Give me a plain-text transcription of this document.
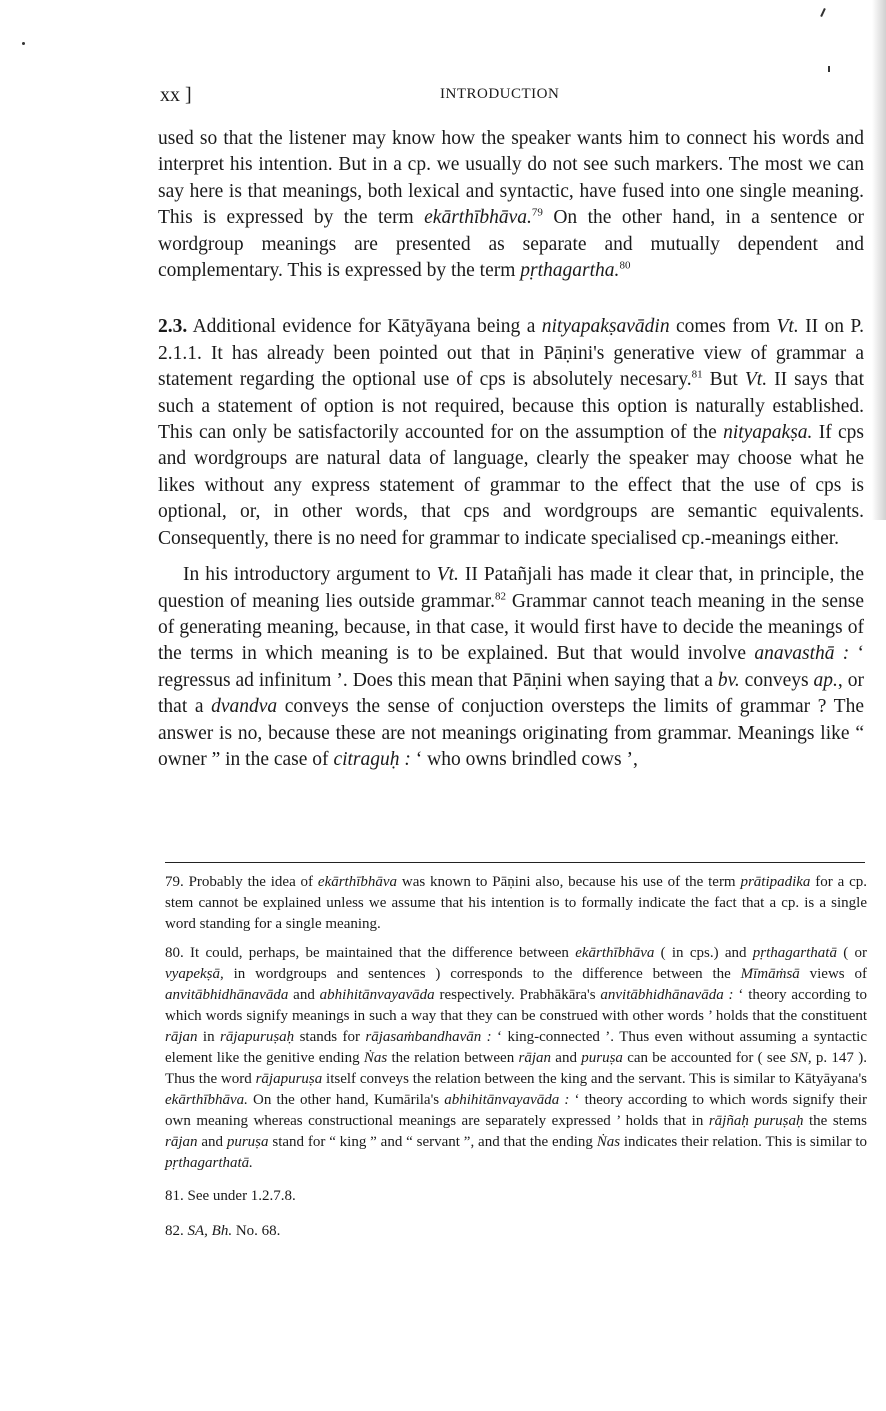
xx ]	INTRODUCTION

used so that the listener may know how the speaker wants him to connect his words and interpret his intention. But in a cp. we usually do not see such markers. The most we can say here is that meanings, both lexical and syntactic, have fused into one single meaning. This is expressed by the term ekārthībhāva.$^{79}$ On the other hand, in a sentence or wordgroup meanings are presented as separate and mutually dependent and complementary. This is expressed by the term pṛthagartha.$^{80}$

2.3. Additional evidence for Kātyāyana being a nityapakṣavādin comes from Vt. II on P. 2.1.1. It has already been pointed out that in Pāṇini's generative view of grammar a statement regarding the optional use of cps is absolutely necesary.$^{81}$ But Vt. II says that such a statement of option is not required, because this option is naturally established. This can only be satisfactorily accounted for on the assumption of the nityapakṣa. If cps and wordgroups are natural data of language, clearly the speaker may choose what he likes without any express statement of grammar to the effect that the use of cps is optional, or, in other words, that cps and wordgroups are semantic equivalents. Consequently, there is no need for grammar to indicate specialised cp.-meanings either.

In his introductory argument to Vt. II Patañjali has made it clear that, in principle, the question of meaning lies outside grammar.$^{82}$ Grammar cannot teach meaning in the sense of generating meaning, because, in that case, it would first have to decide the meanings of the terms in which meaning is to be explained. But that would involve anavasthā : ‘ regressus ad infinitum ’. Does this mean that Pāṇini when saying that a bv. conveys ap., or that a dvandva conveys the sense of conjuction oversteps the limits of grammar ? The answer is no, because these are not meanings originating from grammar. Meanings like “ owner ” in the case of citraguḥ : ‘ who owns brindled cows ’,

79. Probably the idea of ekārthībhāva was known to Pāṇini also, because his use of the term prātipadika for a cp. stem cannot be explained unless we assume that his intention is to formally indicate the fact that a cp. is a single word standing for a single meaning.

80. It could, perhaps, be maintained that the difference between ekārthībhāva ( in cps.) and pṛthagarthatā ( or vyapekṣā, in wordgroups and sentences ) corresponds to the difference between the Mīmāṁsā views of anvitābhidhānavāda and abhihitānvayavāda respectively. Prabhākāra's anvitābhidhānavāda : ‘ theory according to which words signify meanings in such a way that they can be construed with other words ’ holds that the constituent rājan in rājapuruṣaḥ stands for rājasaṁbandhavān : ‘ king-connected ’. Thus even without assuming a syntactic element like the genitive ending Ṅas the relation between rājan and puruṣa can be accounted for ( see SN, p. 147 ). Thus the word rājapuruṣa itself conveys the relation between the king and the servant. This is similar to Kātyāyana's ekārthībhāva. On the other hand, Kumārila's abhihitānvayavāda : ‘ theory according to which words signify their own meaning whereas constructional meanings are separately expressed ’ holds that in rājñaḥ puruṣaḥ the stems rājan and puruṣa stand for “ king ” and “ servant ”, and that the ending Ṅas indicates their relation. This is similar to pṛthagarthatā.

81. See under 1.2.7.8.

82. SA, Bh. No. 68.
